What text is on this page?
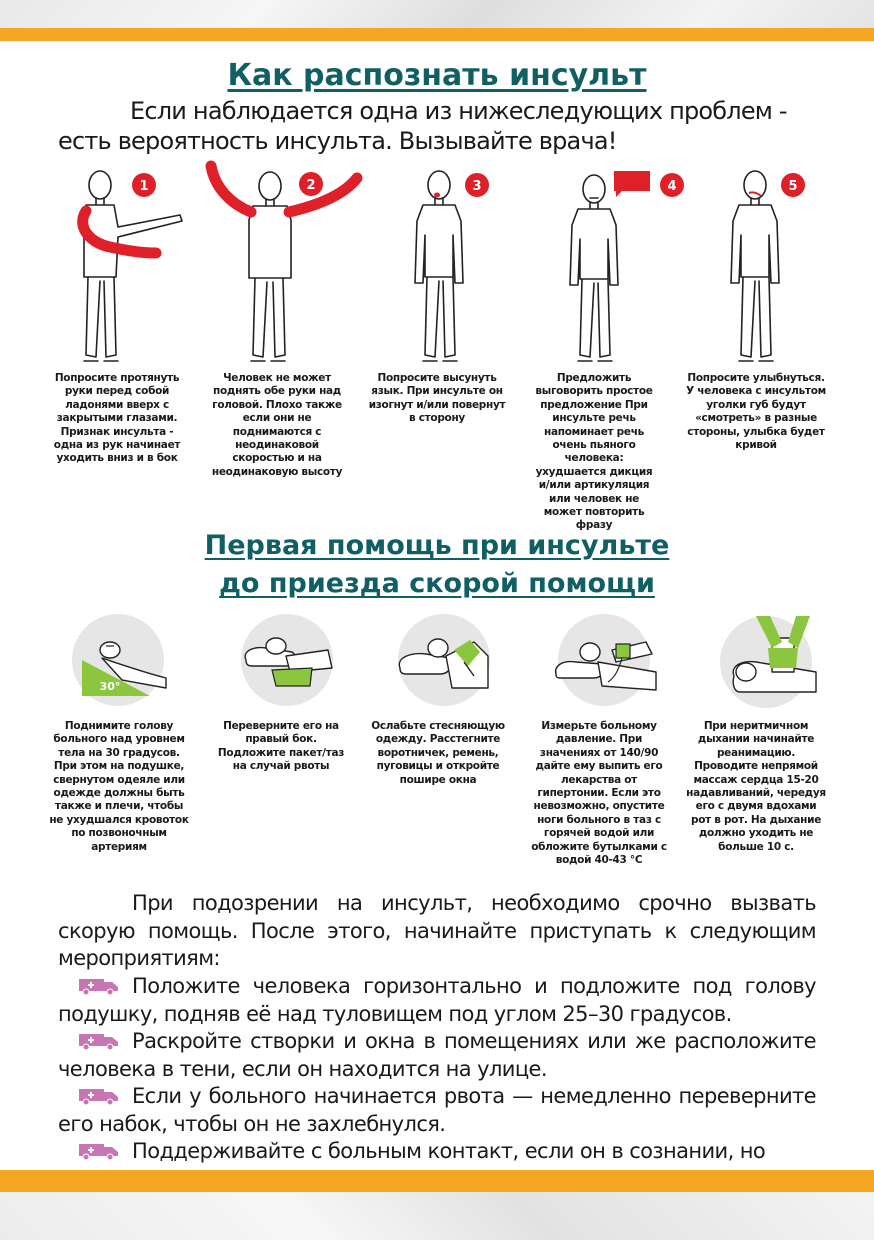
Как распознать инсульт
Если наблюдается одна из нижеследующих проблем - есть вероятность инсульта. Вызывайте врача!
1	2	3	4	5
Попросите протянуть руки перед собой ладонями вверх с закрытыми глазами. Признак инсульта - одна из рук начинает уходить вниз и в бок
Человек не может поднять обе руки над головой. Плохо также если они не поднимаются с неодинаковой скоростью и на неодинаковую высоту
Попросите высунуть язык. При инсульте он изогнут и/или повернут в сторону
Предложить выговорить простое предложение При инсульте речь напоминает речь очень пьяного человека: ухудшается дикция и/или артикуляция или человек не может повторить фразу
Попросите улыбнуться. У человека с инсультом уголки губ будут «смотреть» в разные стороны, улыбка будет кривой
Первая помощь при инсульте
до приезда скорой помощи
30°
Поднимите голову больного над уровнем тела на 30 градусов. При этом на подушке, свернутом одеяле или одежде должны быть также и плечи, чтобы не ухудшался кровоток по позвоночным артериям
Переверните его на правый бок. Подложите пакет/таз на случай рвоты
Ослабьте стесняющую одежду. Расстегните воротничек, ремень, пуговицы и откройте пошире окна
Измерьте больному давление. При значениях от 140/90 дайте ему выпить его лекарства от гипертонии. Если это невозможно, опустите ноги больного в таз с горячей водой или обложите бутылками с водой 40-43 °С
При неритмичном дыхании начинайте реанимацию. Проводите непрямой массаж сердца 15-20 надавливаний, чередуя его с двумя вдохами рот в рот. На дыхание должно уходить не больше 10 с.
При подозрении на инсульт, необходимо срочно вызвать скорую помощь. После этого, начинайте приступать к следующим мероприятиям:
Положите человека горизонтально и подложите под голову подушку, подняв её над туловищем под углом 25–30 градусов.
Раскройте створки и окна в помещениях или же расположите человека в тени, если он находится на улице.
Если у больного начинается рвота — немедленно переверните его набок, чтобы он не захлебнулся.
Поддерживайте с больным контакт, если он в сознании, но
